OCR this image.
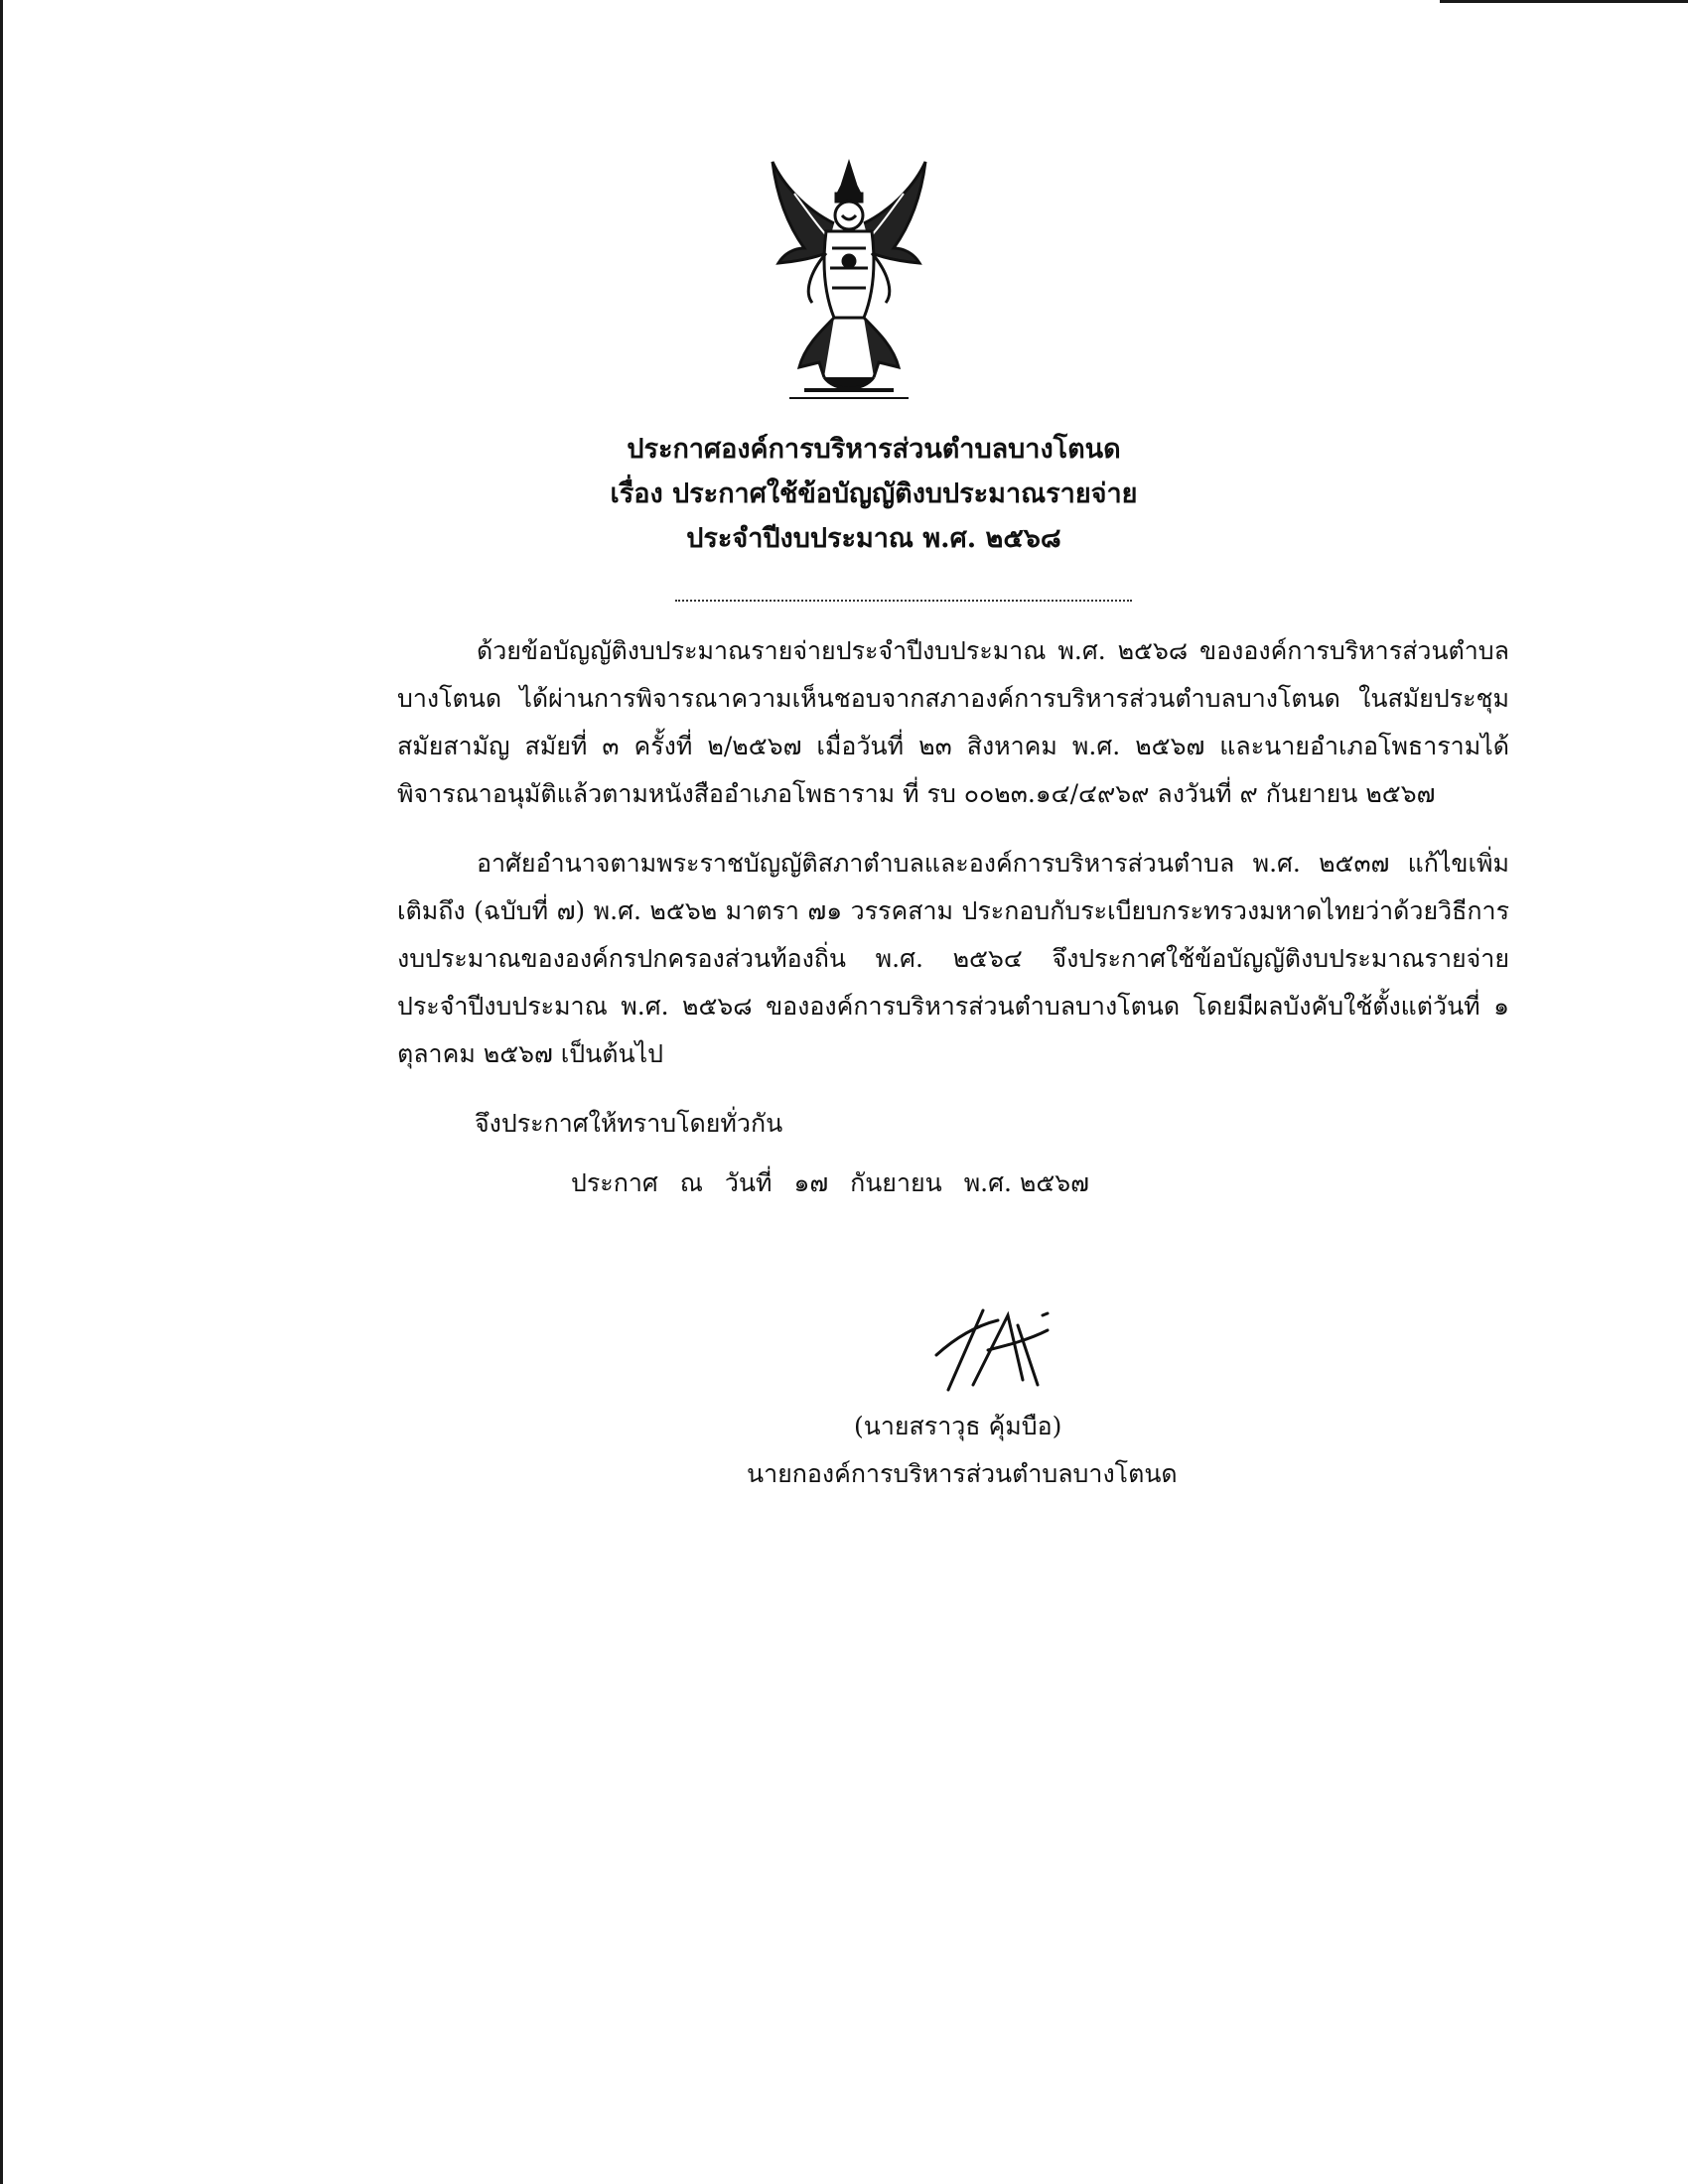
ประกาศองค์การบริหารส่วนตำบลบางโตนด
เรื่อง ประกาศใช้ข้อบัญญัติงบประมาณรายจ่าย
ประจำปีงบประมาณ พ.ศ. ๒๕๖๘

ด้วยข้อบัญญัติงบประมาณรายจ่ายประจำปีงบประมาณ พ.ศ. ๒๕๖๘ ขององค์การบริหารส่วนตำบลบางโตนด ได้ผ่านการพิจารณาความเห็นชอบจากสภาองค์การบริหารส่วนตำบลบางโตนด ในสมัยประชุมสมัยสามัญ สมัยที่ ๓ ครั้งที่ ๒/๒๕๖๗ เมื่อวันที่ ๒๓ สิงหาคม พ.ศ. ๒๕๖๗ และนายอำเภอโพธารามได้พิจารณาอนุมัติแล้วตามหนังสืออำเภอโพธาราม ที่ รบ ๐๐๒๓.๑๔/๔๙๖๙ ลงวันที่ ๙ กันยายน ๒๕๖๗

อาศัยอำนาจตามพระราชบัญญัติสภาตำบลและองค์การบริหารส่วนตำบล พ.ศ. ๒๕๓๗ แก้ไขเพิ่มเติมถึง (ฉบับที่ ๗) พ.ศ. ๒๕๖๒ มาตรา ๗๑ วรรคสาม ประกอบกับระเบียบกระทรวงมหาดไทยว่าด้วยวิธีการงบประมาณขององค์กรปกครองส่วนท้องถิ่น พ.ศ. ๒๕๖๔ จึงประกาศใช้ข้อบัญญัติงบประมาณรายจ่าย ประจำปีงบประมาณ พ.ศ. ๒๕๖๘ ขององค์การบริหารส่วนตำบลบางโตนด โดยมีผลบังคับใช้ตั้งแต่วันที่ ๑ ตุลาคม ๒๕๖๗ เป็นต้นไป

จึงประกาศให้ทราบโดยทั่วกัน
ประกาศ ณ วันที่ ๑๗ กันยายน พ.ศ. ๒๕๖๗
(นายสราวุธ คุ้มบือ)
นายกองค์การบริหารส่วนตำบลบางโตนด
